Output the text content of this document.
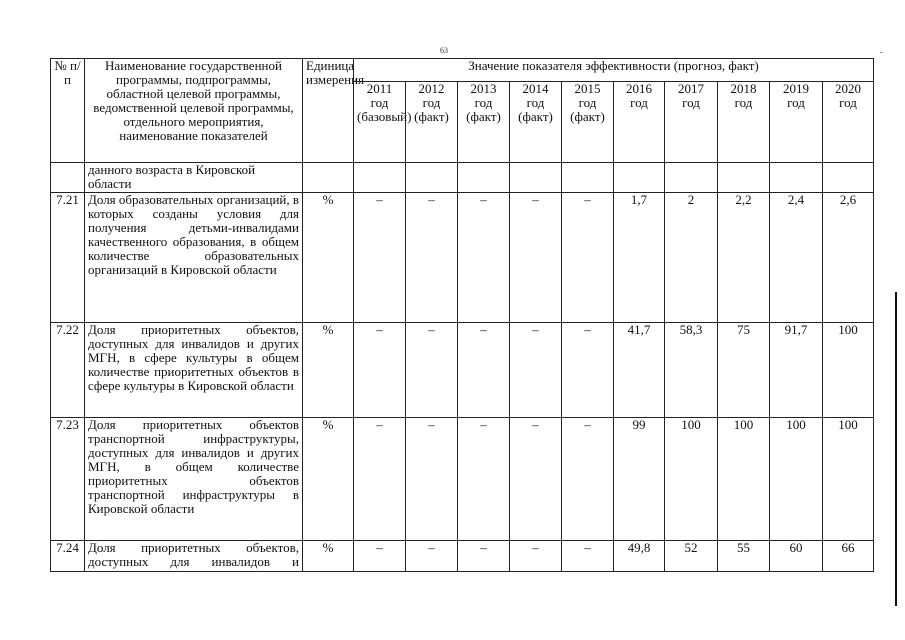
63
№ п/п	Наименование государственной программы, подпрограммы, областной целевой программы, ведомственной целевой программы, отдельного мероприятия, наименование показателей	Единица измерения	Значение показателя эффективности (прогноз, факт)									
			2011 год (базовый)	2012 год (факт)	2013 год (факт)	2014 год (факт)	2015 год (факт)	2016 год	2017 год	2018 год	2019 год	2020 год
	данного возраста в Кировской области											
7.21	Доля образовательных организаций, в которых созданы условия для получения детьми-инвалидами качественного образования, в общем количестве образовательных организаций в Кировской области	%	–	–	–	–	–	1,7	2	2,2	2,4	2,6
7.22	Доля приоритетных объектов, доступных для инвалидов и других МГН, в сфере культуры в общем количестве приоритетных объектов в сфере культуры в Кировской области	%	–	–	–	–	–	41,7	58,3	75	91,7	100
7.23	Доля приоритетных объектов транспортной инфраструктуры, доступных для инвалидов и других МГН, в общем количестве приоритетных объектов транспортной инфраструктуры в Кировской области	%	–	–	–	–	–	99	100	100	100	100
7.24	Доля приоритетных объектов, доступных для инвалидов и	%	–	–	–	–	–	49,8	52	55	60	66
